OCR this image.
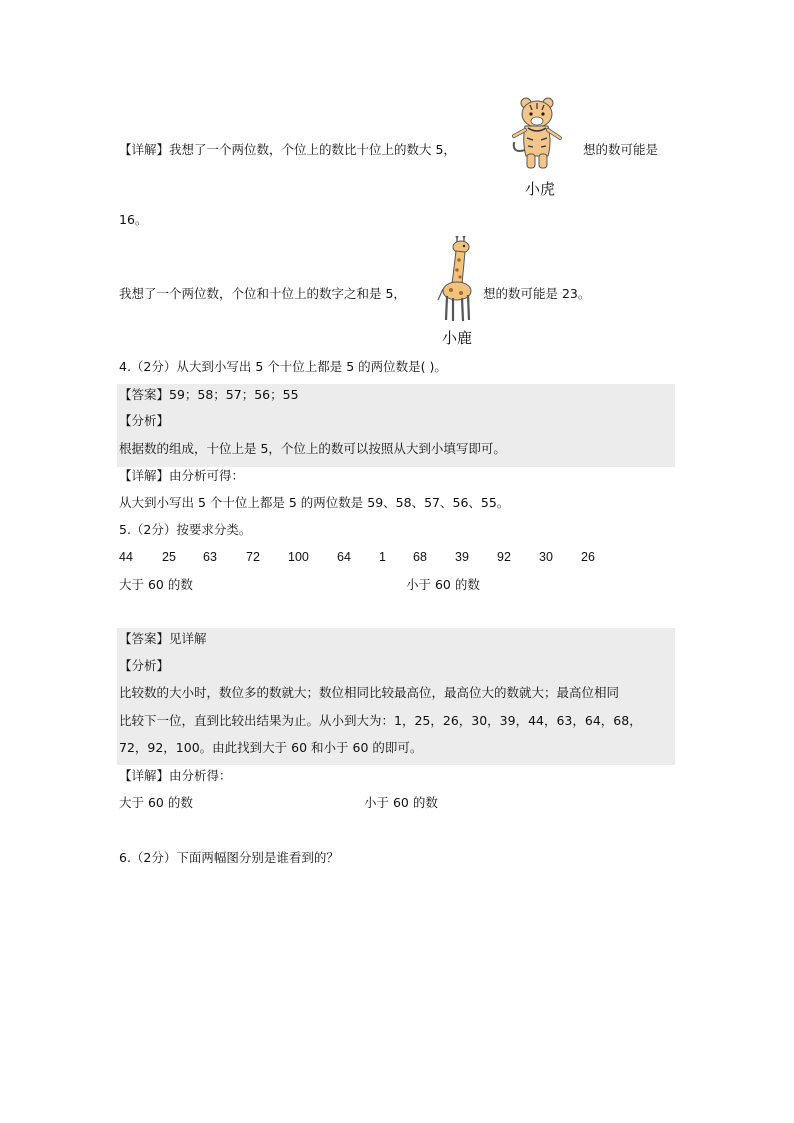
【详解】我想了一个两位数，个位上的数比十位上的数大 5，
小虎
想的数可能是
16。
我想了一个两位数，个位和十位上的数字之和是 5，
小鹿
想的数可能是 23。
4.（2分）从大到小写出 5 个十位上都是 5 的两位数是( )。
【答案】59；58；57；56；55
【分析】
根据数的组成，十位上是 5，个位上的数可以按照从大到小填写即可。
【详解】由分析可得：
从大到小写出 5 个十位上都是 5 的两位数是 59、58、57、56、55。
5.（2分）按要求分类。
44 25 63 72 100 64 1 68 39 92 30 26
大于 60 的数	小于 60 的数
【答案】见详解
【分析】
比较数的大小时，数位多的数就大；数位相同比较最高位，最高位大的数就大；最高位相同
比较下一位，直到比较出结果为止。从小到大为：1，25，26，30，39，44，63，64，68，
72，92，100。由此找到大于 60 和小于 60 的即可。
【详解】由分析得：
大于 60 的数	小于 60 的数
6.（2分）下面两幅图分别是谁看到的？
